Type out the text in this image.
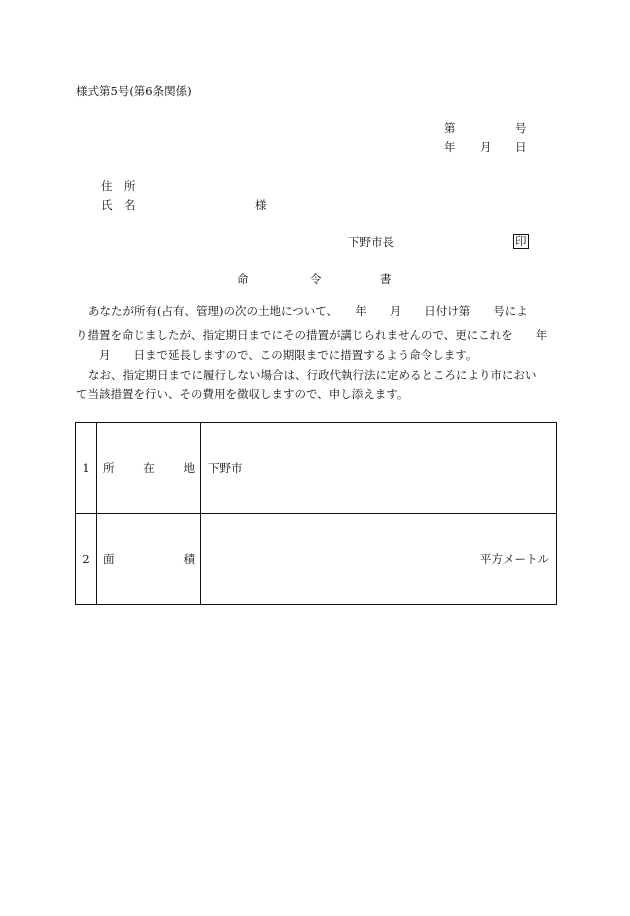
様式第5号(第6条関係)
第	号
年 月 日
住 所
氏 名	様
下野市長	印
命	令	書
あなたが所有(占有、管理)の次の土地について、　　年　　月　　日付け第　　号によ
り措置を命じましたが、指定期日までにその措置が講じられませんので、更にこれを　　年
　　月　　日まで延長しますので、この期限までに措置するよう命令します。
なお、指定期日までに履行しない場合は、行政代執行法に定めるところにより市におい
て当該措置を行い、その費用を徴収しますので、申し添えます。
1	所 在 地	下野市
2	面 積	平方メートル
